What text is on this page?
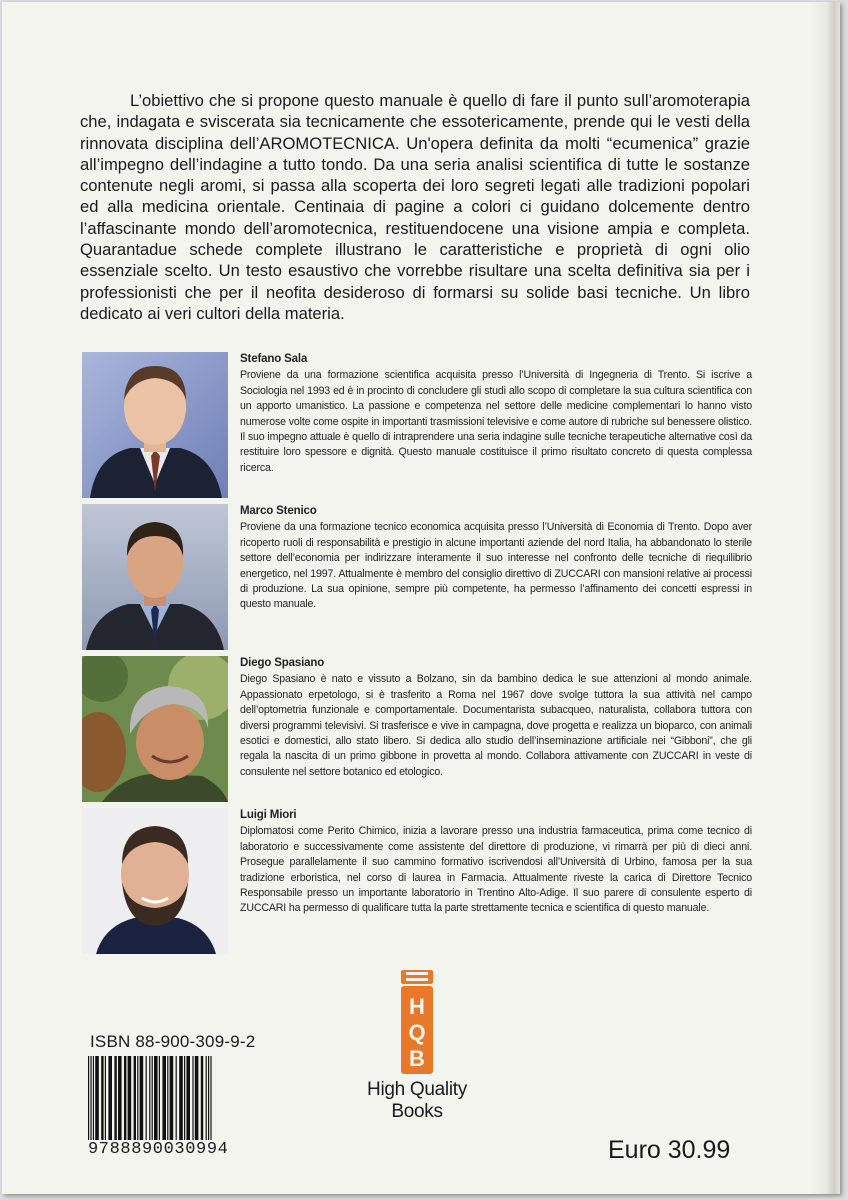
L’obiettivo che si propone questo manuale è quello di fare il punto sull’aromoterapia che, indagata e sviscerata sia tecnicamente che essotericamente, prende qui le vesti della rinnovata disciplina dell’AROMOTECNICA. Un'opera definita da molti “ecumenica” grazie all’impegno dell’indagine a tutto tondo. Da una seria analisi scientifica di tutte le sostanze contenute negli aromi, si passa alla scoperta dei loro segreti legati alle tradizioni popolari ed alla medicina orientale. Centinaia di pagine a colori ci guidano dolcemente dentro l’affascinante mondo dell’aromotecnica, restituendocene una visione ampia e completa. Quarantadue schede complete illustrano le caratteristiche e proprietà di ogni olio essenziale scelto. Un testo esaustivo che vorrebbe risultare una scelta definitiva sia per i professionisti che per il neofita desideroso di formarsi su solide basi tecniche. Un libro dedicato ai veri cultori della materia.

Stefano Sala
Proviene da una formazione scientifica acquisita presso l’Università di Ingegneria di Trento. Si iscrive a Sociologia nel 1993 ed è in procinto di concludere gli studi allo scopo di completare la sua cultura scientifica con un apporto umanistico. La passione e competenza nel settore delle medicine complementari lo hanno visto numerose volte come ospite in importanti trasmissioni televisive e come autore di rubriche sul benessere olistico. Il suo impegno attuale è quello di intraprendere una seria indagine sulle tecniche terapeutiche alternative così da restituire loro spessore e dignità. Questo manuale costituisce il primo risultato concreto di questa complessa ricerca.
Marco Stenico
Proviene da una formazione tecnico economica acquisita presso l’Università di Economia di Trento. Dopo aver ricoperto ruoli di responsabilità e prestigio in alcune importanti aziende del nord Italia, ha abbandonato lo sterile settore dell’economia per indirizzare interamente il suo interesse nel confronto delle tecniche di riequilibrio energetico, nel 1997. Attualmente è membro del consiglio direttivo di ZUCCARI con mansioni relative ai processi di produzione. La sua opinione, sempre più competente, ha permesso l’affinamento dei concetti espressi in questo manuale.
Diego Spasiano
Diego Spasiano è nato e vissuto a Bolzano, sin da bambino dedica le sue attenzioni al mondo animale. Appassionato erpetologo, si è trasferito a Roma nel 1967 dove svolge tuttora la sua attività nel campo dell’optometria funzionale e comportamentale. Documentarista subacqueo, naturalista, collabora tuttora con diversi programmi televisivi. Si trasferisce e vive in campagna, dove progetta e realizza un bioparco, con animali esotici e domestici, allo stato libero. Si dedica allo studio dell’inseminazione artificiale nei “Gibboni”, che gli regala la nascita di un primo gibbone in provetta al mondo. Collabora attivamente con ZUCCARI in veste di consulente nel settore botanico ed etologico.
Luigi Miori
Diplomatosi come Perito Chimico, inizia a lavorare presso una industria farmaceutica, prima come tecnico di laboratorio e successivamente come assistente del direttore di produzione, vi rimarrà per più di dieci anni. Prosegue parallelamente il suo cammino formativo iscrivendosi all’Università di Urbino, famosa per la sua tradizione erboristica, nel corso di laurea in Farmacia. Attualmente riveste la carica di Direttore Tecnico Responsabile presso un importante laboratorio in Trentino Alto-Adige. Il suo parere di consulente esperto di ZUCCARI ha permesso di qualificare tutta la parte strettamente tecnica e scientifica di questo manuale.
H
Q
B
High Quality Books
ISBN 88-900-309-9-2
9788890030994	Euro 30.99
